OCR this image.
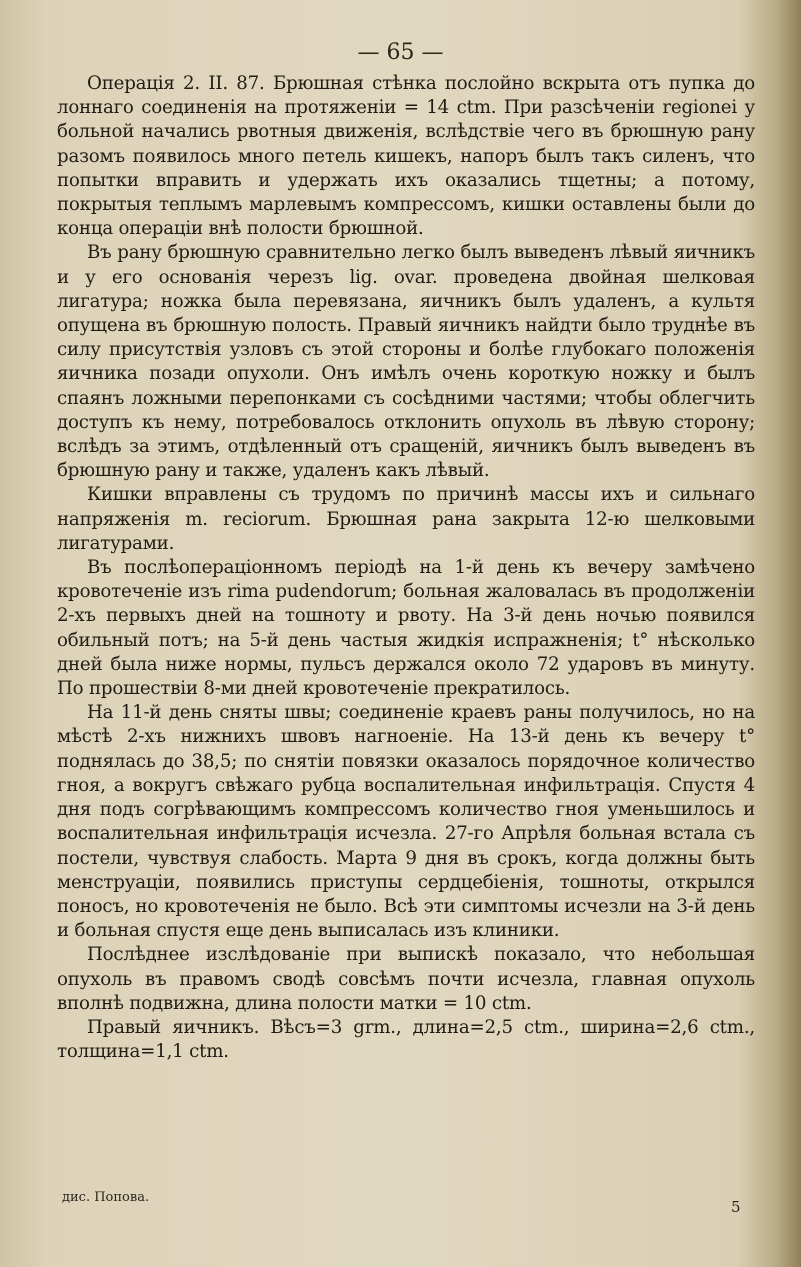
— 65 —

Операція 2. II. 87. Брюшная стѣнка послойно вскрыта отъ пупка до лоннаго соединенія на протяженіи = 14 ctm. При разсѣченіи regioneі у больной начались рвотныя движенія, вслѣдствіе чего въ брюшную рану разомъ появилось много петель кишекъ, напоръ былъ такъ силенъ, что попытки вправить и удержать ихъ оказались тщетны; а потому, покрытыя теплымъ марлевымъ компрессомъ, кишки оставлены были до конца операціи внѣ полости брюшной.

Въ рану брюшную сравнительно легко былъ выведенъ лѣвый яичникъ и у его основанія черезъ lig. ovar. проведена двойная шелковая лигатура; ножка была перевязана, яичникъ былъ удаленъ, а культя опущена въ брюшную полость. Правый яичникъ найдти было труднѣе въ силу присутствія узловъ съ этой стороны и болѣе глубокаго положенія яичника позади опухоли. Онъ имѣлъ очень короткую ножку и былъ спаянъ ложными перепонками съ сосѣдними частями; чтобы облегчить доступъ къ нему, потребовалось отклонить опухоль въ лѣвую сторону; вслѣдъ за этимъ, отдѣленный отъ сращеній, яичникъ былъ выведенъ въ брюшную рану и также, удаленъ какъ лѣвый.

Кишки вправлены съ трудомъ по причинѣ массы ихъ и сильнаго напряженія m. recіorum. Брюшная рана закрыта 12-ю шелковыми лигатурами.

Въ послѣоперaціонномъ періодѣ на 1-й день къ вечеру замѣчено кровотеченіе изъ rima pudendorum; больная жаловалась въ продолженіи 2-хъ первыхъ дней на тошноту и рвоту. На 3-й день ночью появился обильный потъ; на 5-й день частыя жидкія испражненія; t° нѣсколько дней была ниже нормы, пульсъ держался около 72 ударовъ въ минуту. По прошествіи 8-ми дней кровотеченіе прекратилось.

На 11-й день сняты швы; соединеніе краевъ раны получилось, но на мѣстѣ 2-хъ нижнихъ швовъ нагноеніе. На 13-й день къ вечеру t° поднялась до 38,5; по снятіи повязки оказалось порядочное количество гноя, а вокругъ свѣжаго рубца воспалительная инфильтрація. Спустя 4 дня подъ согрѣвающимъ компрессомъ количество гноя уменьшилось и воспалительная инфильтрація исчезла. 27-го Апрѣля больная встала съ постели, чувствуя слабость. Марта 9 дня въ срокъ, когда должны быть менструаціи, появились приступы сердцебіенія, тошноты, открылся поносъ, но кровотеченія не было. Всѣ эти симптомы исчезли на 3-й день и больная спустя еще день выписалась изъ клиники.

Послѣднее изслѣдованіе при выпискѣ показало, что небольшая опухоль въ правомъ сводѣ совсѣмъ почти исчезла, главная опухоль вполнѣ подвижна, длина полости матки = 10 ctm.

Правый яичникъ. Вѣсъ=3 grm., длина=2,5 ctm., ширина=2,6 ctm., толщина=1,1 ctm.

дис. Попова.
5
